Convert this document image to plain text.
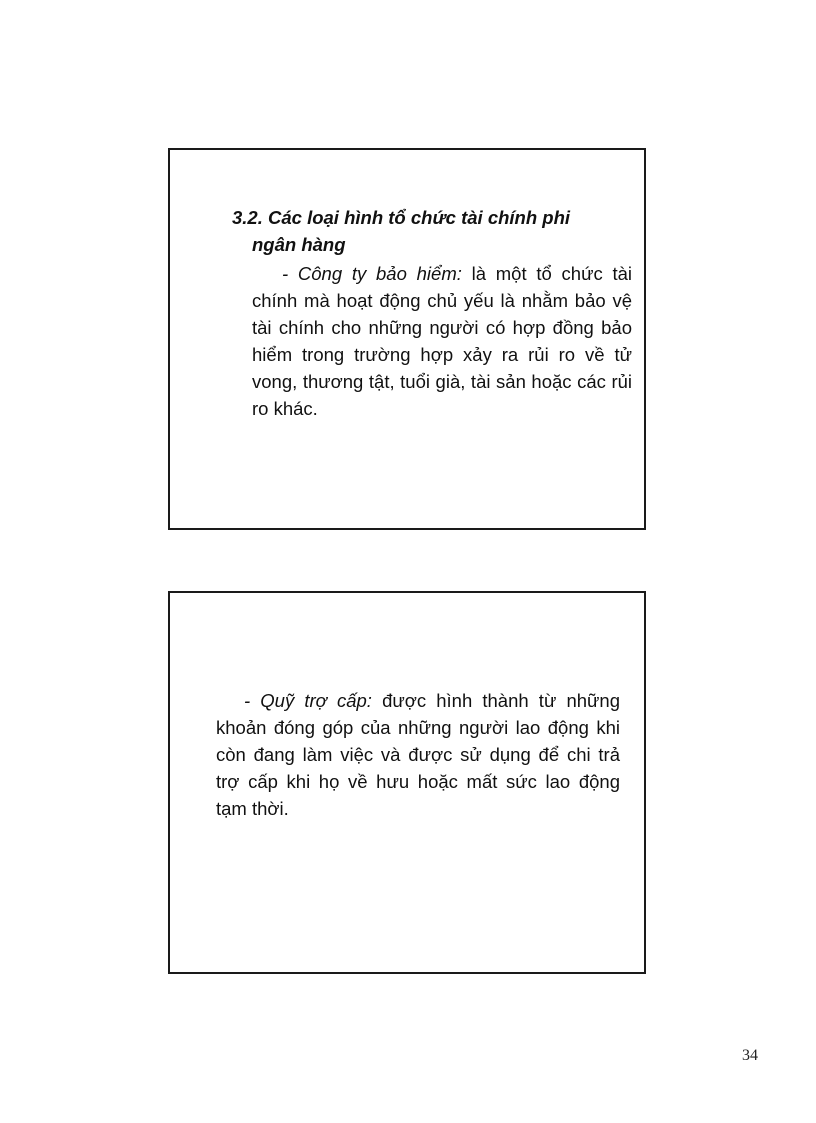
3.2. Các loại hình tổ chức tài chính phi ngân hàng
- Công ty bảo hiểm: là một tổ chức tài chính mà hoạt động chủ yếu là nhằm bảo vệ tài chính cho những người có hợp đồng bảo hiểm trong trường hợp xảy ra rủi ro về tử vong, thương tật, tuổi già, tài sản hoặc các rủi ro khác.
- Quỹ trợ cấp: được hình thành từ những khoản đóng góp của những người lao động khi còn đang làm việc và được sử dụng để chi trả trợ cấp khi họ về hưu hoặc mất sức lao động tạm thời.
34
